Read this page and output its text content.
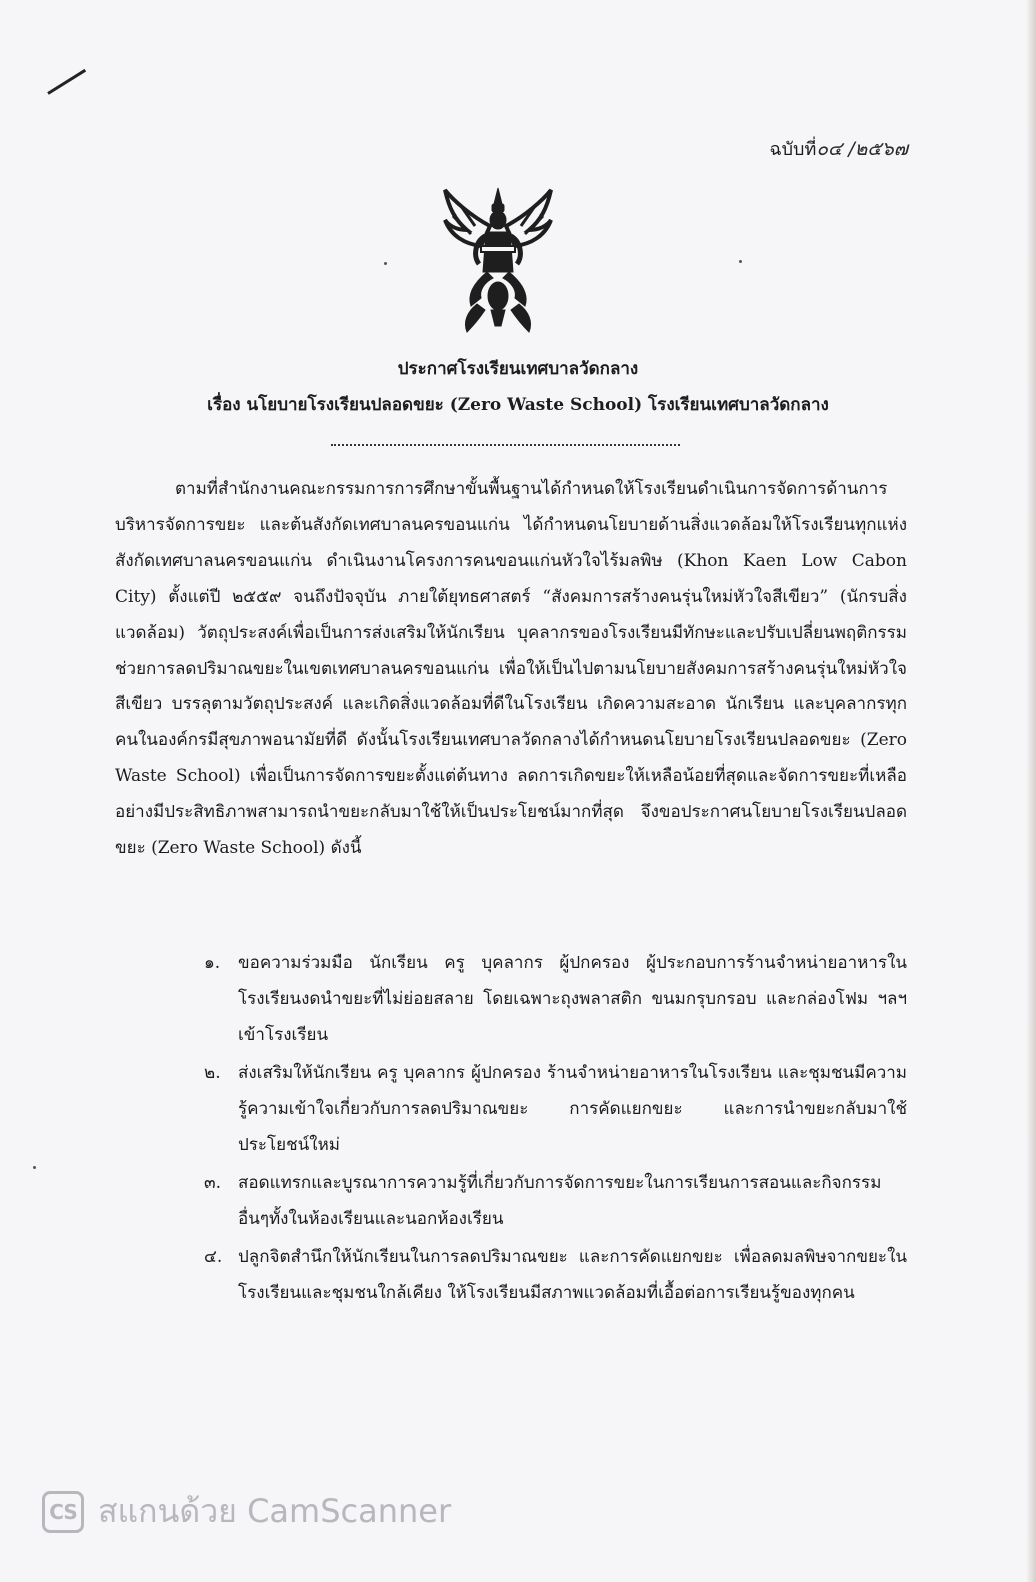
ฉบับที่๐๔ /๒๕๖๗
ประกาศโรงเรียนเทศบาลวัดกลาง
เรื่อง นโยบายโรงเรียนปลอดขยะ (Zero Waste School) โรงเรียนเทศบาลวัดกลาง
ตามที่สำนักงานคณะกรรมการการศึกษาขั้นพื้นฐานได้กำหนดให้โรงเรียนดำเนินการจัดการด้านการบริหารจัดการขยะ และต้นสังกัดเทศบาลนครขอนแก่น ได้กำหนดนโยบายด้านสิ่งแวดล้อมให้โรงเรียนทุกแห่งสังกัดเทศบาลนครขอนแก่น ดำเนินงานโครงการคนขอนแก่นหัวใจไร้มลพิษ (Khon Kaen Low Cabon City) ตั้งแต่ปี ๒๕๕๙ จนถึงปัจจุบัน ภายใต้ยุทธศาสตร์ “สังคมการสร้างคนรุ่นใหม่หัวใจสีเขียว” (นักรบสิ่งแวดล้อม) วัตถุประสงค์เพื่อเป็นการส่งเสริมให้นักเรียน บุคลากรของโรงเรียนมีทักษะและปรับเปลี่ยนพฤติกรรมช่วยการลดปริมาณขยะในเขตเทศบาลนครขอนแก่น เพื่อให้เป็นไปตามนโยบายสังคมการสร้างคนรุ่นใหม่หัวใจสีเขียว บรรลุตามวัตถุประสงค์ และเกิดสิ่งแวดล้อมที่ดีในโรงเรียน เกิดความสะอาด นักเรียน และบุคลากรทุกคนในองค์กรมีสุขภาพอนามัยที่ดี ดังนั้นโรงเรียนเทศบาลวัดกลางได้กำหนดนโยบายโรงเรียนปลอดขยะ (Zero Waste School) เพื่อเป็นการจัดการขยะตั้งแต่ต้นทาง ลดการเกิดขยะให้เหลือน้อยที่สุดและจัดการขยะที่เหลืออย่างมีประสิทธิภาพสามารถนำขยะกลับมาใช้ให้เป็นประโยชน์มากที่สุด จึงขอประกาศนโยบายโรงเรียนปลอดขยะ (Zero Waste School) ดังนี้
๑.	ขอความร่วมมือ นักเรียน ครู บุคลากร ผู้ปกครอง ผู้ประกอบการร้านจำหน่ายอาหารในโรงเรียนงดนำขยะที่ไม่ย่อยสลาย โดยเฉพาะถุงพลาสติก ขนมกรุบกรอบ และกล่องโฟม ฯลฯ เข้าโรงเรียน
๒.	ส่งเสริมให้นักเรียน ครู บุคลากร ผู้ปกครอง ร้านจำหน่ายอาหารในโรงเรียน และชุมชนมีความรู้ความเข้าใจเกี่ยวกับการลดปริมาณขยะ การคัดแยกขยะ และการนำขยะกลับมาใช้ประโยชน์ใหม่
๓. สอดแทรกและบูรณาการความรู้ที่เกี่ยวกับการจัดการขยะในการเรียนการสอนและกิจกรรมอื่นๆทั้งในห้องเรียนและนอกห้องเรียน
๔. ปลูกจิตสำนึกให้นักเรียนในการลดปริมาณขยะ และการคัดแยกขยะ เพื่อลดมลพิษจากขยะในโรงเรียนและชุมชนใกล้เคียง ให้โรงเรียนมีสภาพแวดล้อมที่เอื้อต่อการเรียนรู้ของทุกคน
CS สแกนด้วย CamScanner
